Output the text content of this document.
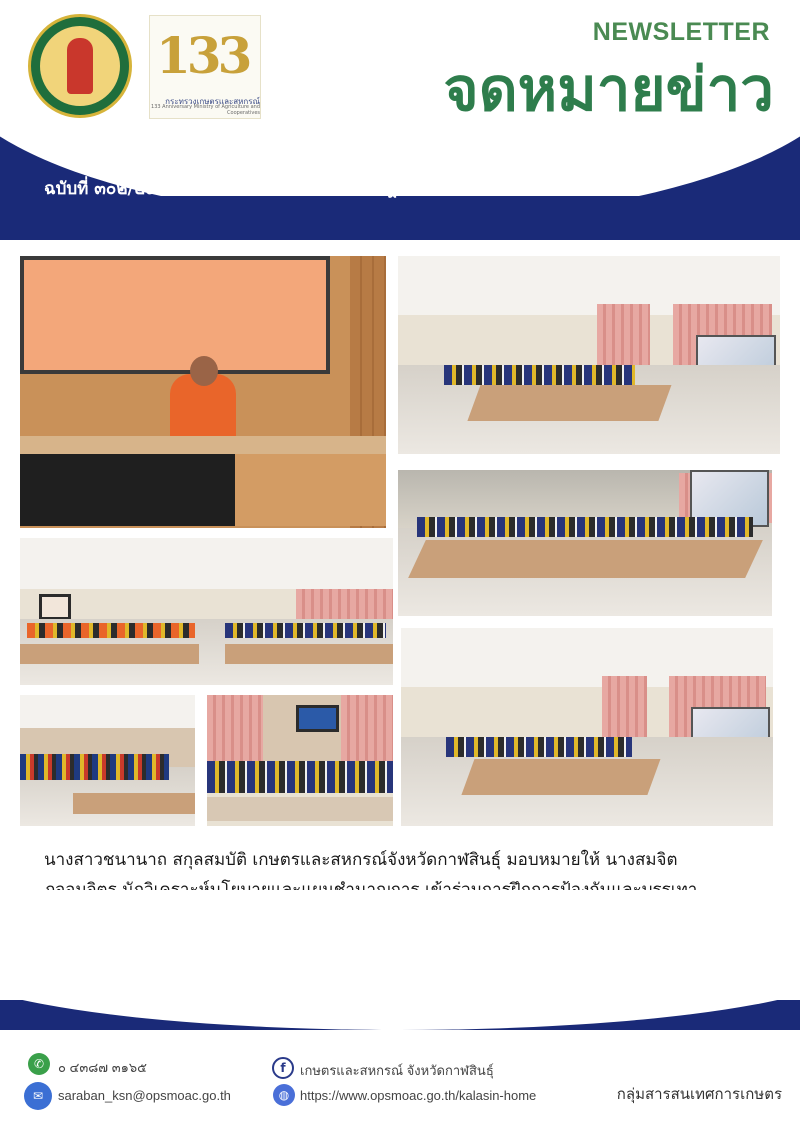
133
กระทรวงเกษตรและสหกรณ์
133 Anniversary Ministry of Agriculture and Cooperatives
NEWSLETTER
จดหมายข่าว
สำนักงานเกษตรและสหกรณ์จังหวัดกาฬสินธุ์
ฉบับที่ ๓๐๒/๒๕๖๘	ประจำวันที่ ๘ กรกฎาคม ๒๕๖๘
นางสาวชนานาถ สกุลสมบัติ เกษตรและสหกรณ์จังหวัดกาฬสินธุ์ มอบหมายให้ นางสมจิต
✆	๐ ๔๓๘๗ ๓๑๖๕
✉	saraban_ksn@opsmoac.go.th
f	เกษตรและสหกรณ์ จังหวัดกาฬสินธุ์
◍ https://www.opsmoac.go.th/kalasin-home	กลุ่มสารสนเทศการเกษตร
